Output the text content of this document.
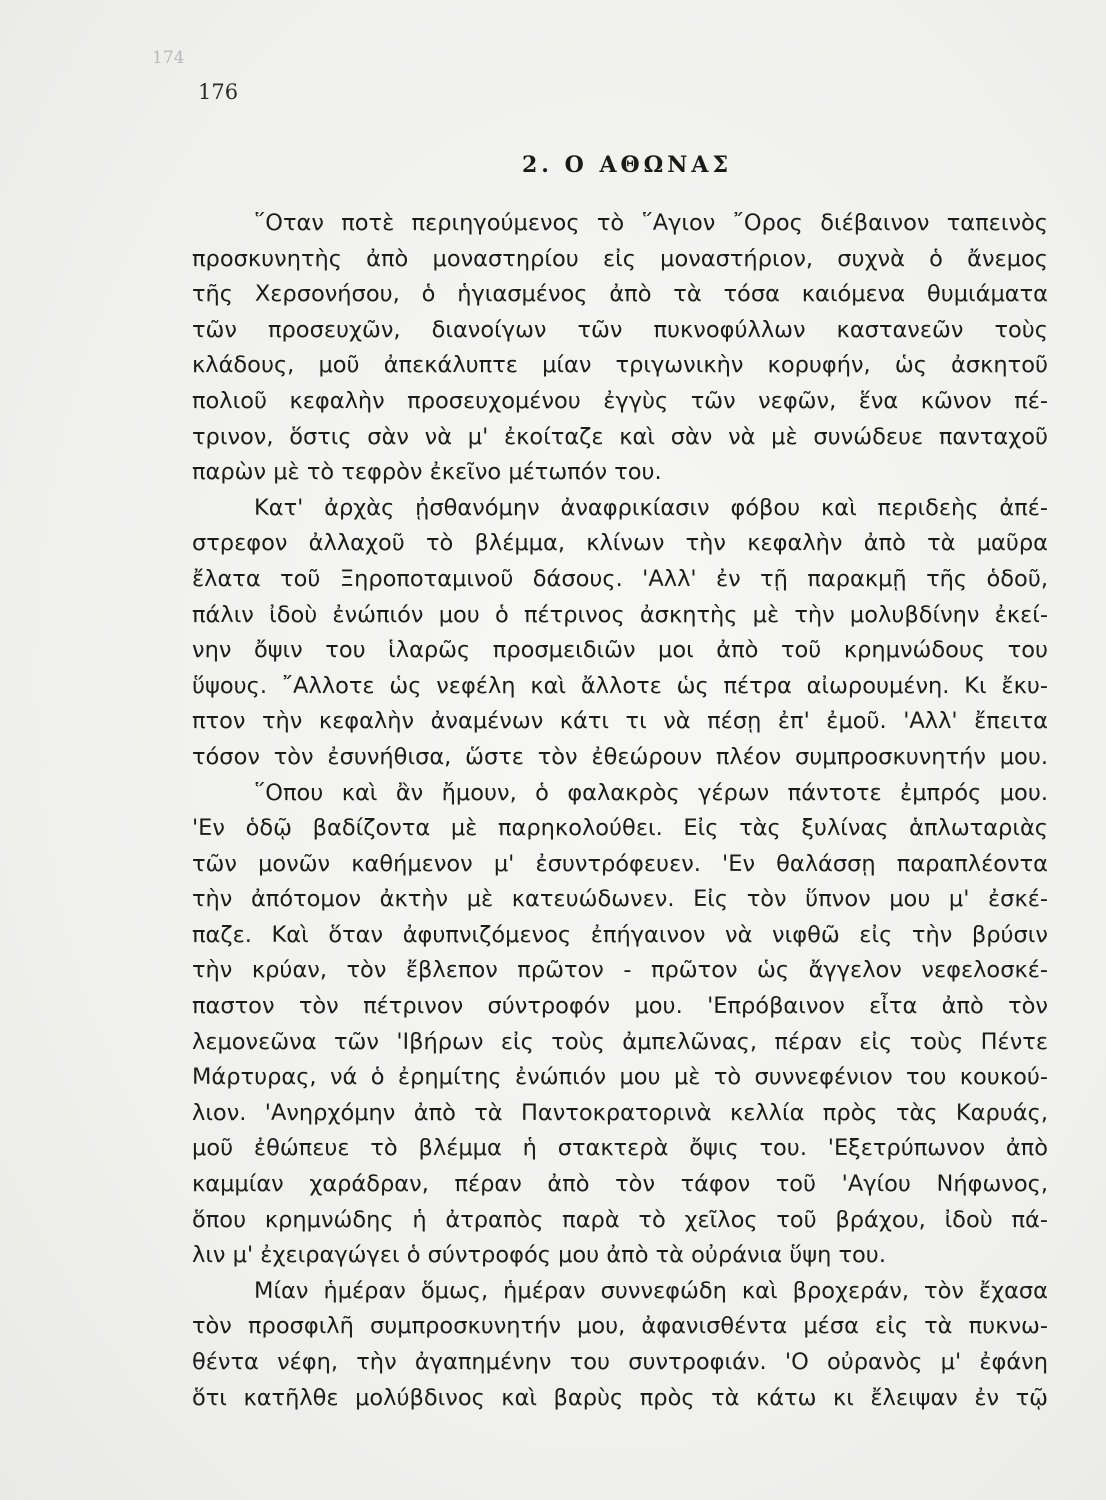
174
176
2. Ο ΑΘΩΝΑΣ
῞Οταν ποτὲ περιηγούμενος τὸ ῞Αγιον ῎Ορος διέβαινον ταπεινὸς
προσκυνητὴς ἀπὸ μοναστηρίου εἰς μοναστήριον, συχνὰ ὁ ἄνεμος
τῆς Χερσονήσου, ὁ ἡγιασμένος ἀπὸ τὰ τόσα καιόμενα θυμιάματα
τῶν προσευχῶν, διανοίγων τῶν πυκνοφύλλων καστανεῶν τοὺς
κλάδους, μοῦ ἀπεκάλυπτε μίαν τριγωνικὴν κορυφήν, ὡς ἀσκητοῦ
πολιοῦ κεφαλὴν προσευχομένου ἐγγὺς τῶν νεφῶν, ἕνα κῶνον πέ-
τρινον, ὅστις σὰν νὰ μ' ἐκοίταζε καὶ σὰν νὰ μὲ συνώδευε πανταχοῦ
παρὼν μὲ τὸ τεφρὸν ἐκεῖνο μέτωπόν του.
Κατ' ἀρχὰς ᾐσθανόμην ἀναφρικίασιν φόβου καὶ περιδεὴς ἀπέ-
στρεφον ἀλλαχοῦ τὸ βλέμμα, κλίνων τὴν κεφαλὴν ἀπὸ τὰ μαῦρα
ἔλατα τοῦ Ξηροποταμινοῦ δάσους. 'Αλλ' ἐν τῇ παρακμῇ τῆς ὁδοῦ,
πάλιν ἰδοὺ ἐνώπιόν μου ὁ πέτρινος ἀσκητὴς μὲ τὴν μολυβδίνην ἐκεί-
νην ὄψιν του ἱλαρῶς προσμειδιῶν μοι ἀπὸ τοῦ κρημνώδους του
ὕψους. ῎Αλλοτε ὡς νεφέλη καὶ ἄλλοτε ὡς πέτρα αἰωρουμένη. Κι ἔκυ-
πτον τὴν κεφαλὴν ἀναμένων κάτι τι νὰ πέσῃ ἐπ' ἐμοῦ. 'Αλλ' ἔπειτα
τόσον τὸν ἐσυνήθισα, ὥστε τὸν ἐθεώρουν πλέον συμπροσκυνητήν μου.
῞Οπου καὶ ἂν ἤμουν, ὁ φαλακρὸς γέρων πάντοτε ἐμπρός μου.
'Εν ὁδῷ βαδίζοντα μὲ παρηκολούθει. Εἰς τὰς ξυλίνας ἁπλωταριὰς
τῶν μονῶν καθήμενον μ' ἐσυντρόφευεν. 'Εν θαλάσσῃ παραπλέοντα
τὴν ἀπότομον ἀκτὴν μὲ κατευώδωνεν. Εἰς τὸν ὕπνον μου μ' ἐσκέ-
παζε. Καὶ ὅταν ἀφυπνιζόμενος ἐπήγαινον νὰ νιφθῶ εἰς τὴν βρύσιν
τὴν κρύαν, τὸν ἔβλεπον πρῶτον - πρῶτον ὡς ἄγγελον νεφελοσκέ-
παστον τὸν πέτρινον σύντροφόν μου. 'Επρόβαινον εἶτα ἀπὸ τὸν
λεμονεῶνα τῶν 'Ιβήρων εἰς τοὺς ἀμπελῶνας, πέραν εἰς τοὺς Πέντε
Μάρτυρας, νά ὁ ἐρημίτης ἐνώπιόν μου μὲ τὸ συννεφένιον του κουκού-
λιον. 'Ανηρχόμην ἀπὸ τὰ Παντοκρατορινὰ κελλία πρὸς τὰς Καρυάς,
μοῦ ἐθώπευε τὸ βλέμμα ἡ στακτερὰ ὄψις του. 'Εξετρύπωνον ἀπὸ
καμμίαν χαράδραν, πέραν ἀπὸ τὸν τάφον τοῦ 'Αγίου Νήφωνος,
ὅπου κρημνώδης ἡ ἀτραπὸς παρὰ τὸ χεῖλος τοῦ βράχου, ἰδοὺ πά-
λιν μ' ἐχειραγώγει ὁ σύντροφός μου ἀπὸ τὰ οὐράνια ὕψη του.
Μίαν ἡμέραν ὅμως, ἡμέραν συννεφώδη καὶ βροχεράν, τὸν ἔχασα
τὸν προσφιλῆ συμπροσκυνητήν μου, ἀφανισθέντα μέσα εἰς τὰ πυκνω-
θέντα νέφη, τὴν ἀγαπημένην του συντροφιάν. 'Ο οὐρανὸς μ' ἐφάνη
ὅτι κατῆλθε μολύβδινος καὶ βαρὺς πρὸς τὰ κάτω κι ἔλειψαν ἐν τῷ
